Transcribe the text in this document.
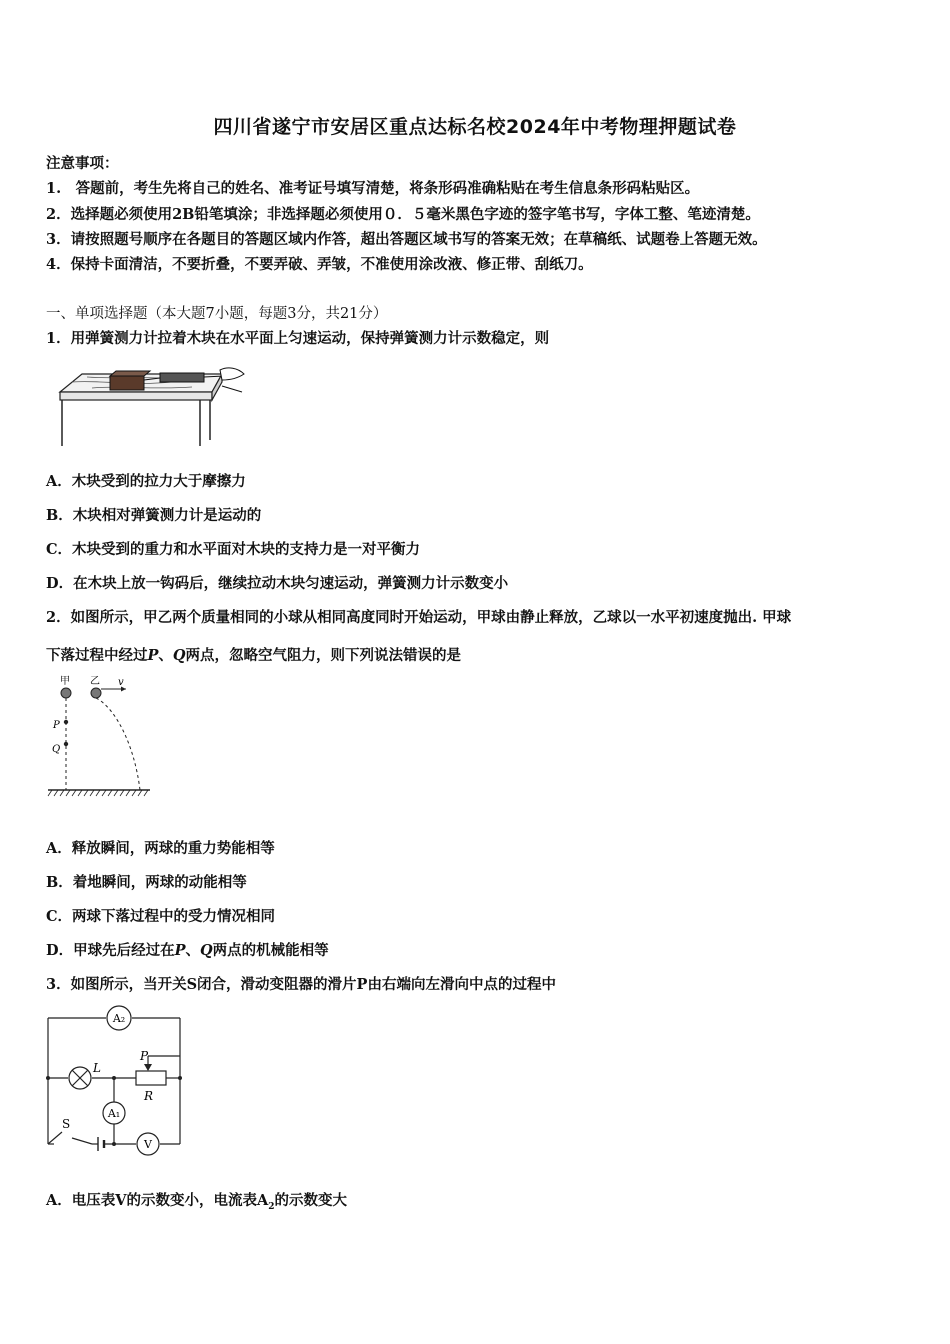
四川省遂宁市安居区重点达标名校2024年中考物理押题试卷
注意事项：
1.　答题前，考生先将自己的姓名、准考证号填写清楚，将条形码准确粘贴在考生信息条形码粘贴区。
2．选择题必须使用2B铅笔填涂；非选择题必须使用０．５毫米黑色字迹的签字笔书写，字体工整、笔迹清楚。
3．请按照题号顺序在各题目的答题区域内作答，超出答题区域书写的答案无效；在草稿纸、试题卷上答题无效。
4．保持卡面清洁，不要折叠，不要弄破、弄皱，不准使用涂改液、修正带、刮纸刀。
一、单项选择题（本大题7小题，每题3分，共21分）
1．用弹簧测力计拉着木块在水平面上匀速运动，保持弹簧测力计示数稳定，则
A．木块受到的拉力大于摩擦力
B．木块相对弹簧测力计是运动的
C．木块受到的重力和水平面对木块的支持力是一对平衡力
D．在木块上放一钩码后，继续拉动木块匀速运动，弹簧测力计示数变小
2．如图所示，甲乙两个质量相同的小球从相同高度同时开始运动，甲球由静止释放，乙球以一水平初速度抛出. 甲球
下落过程中经过P、Q两点，忽略空气阻力，则下列说法错误的是
甲 乙 v
P
Q
A．释放瞬间，两球的重力势能相等
B．着地瞬间，两球的动能相等
C．两球下落过程中的受力情况相同
D．甲球先后经过在P、Q两点的机械能相等
3．如图所示，当开关S闭合，滑动变阻器的滑片P由右端向左滑向中点的过程中
A₂
L
P
R
A₁
V
S
A．电压表V的示数变小，电流表$A_2$的示数变大
